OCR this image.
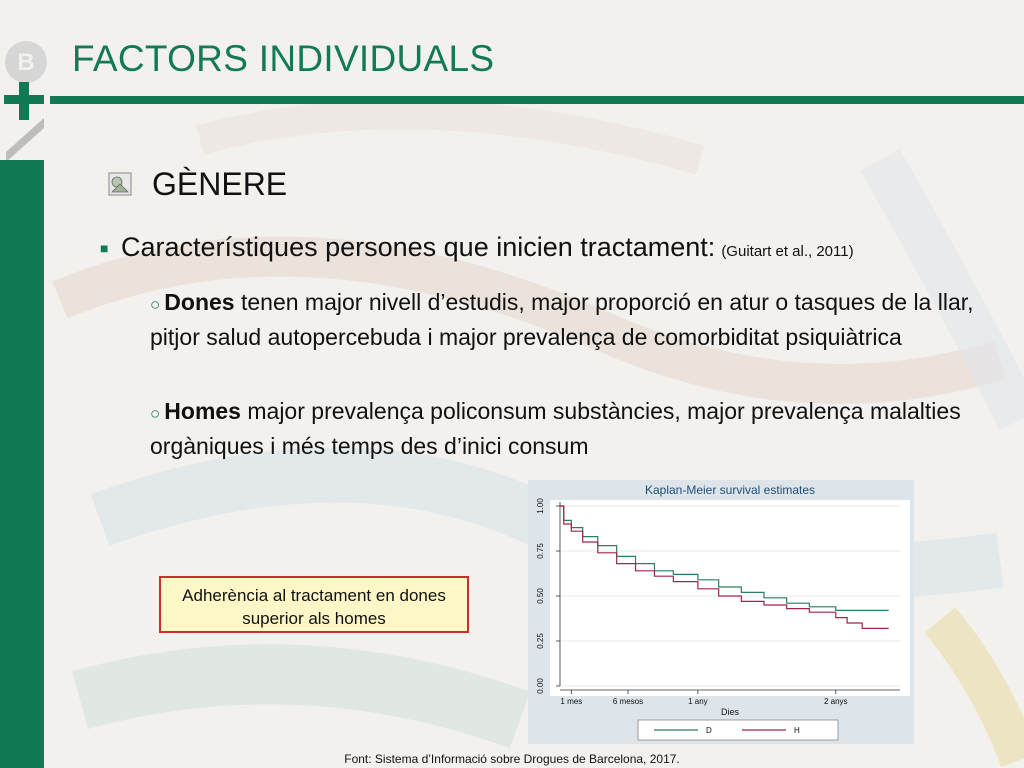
B FACTORS INDIVIDUALS
GÈNERE
■ Característiques persones que inicien tractament: (Guitart et al., 2011)
○ Dones tenen major nivell d’estudis, major proporció en atur o tasques de la llar, pitjor salud autopercebuda i major prevalença de comorbiditat psiquiàtrica
○ Homes major prevalença policonsum substàncies, major prevalença malalties orgàniques i més temps des d’inici consum
Adherència al tractament en dones superior als homes
Kaplan-Meier survival estimates
0.00
0.25
0.50
0.75
1.00
1 mes	6 mesos	1 any	2 anys
Dies
D	H
Font: Sistema d’Informació sobre Drogues de Barcelona, 2017.
